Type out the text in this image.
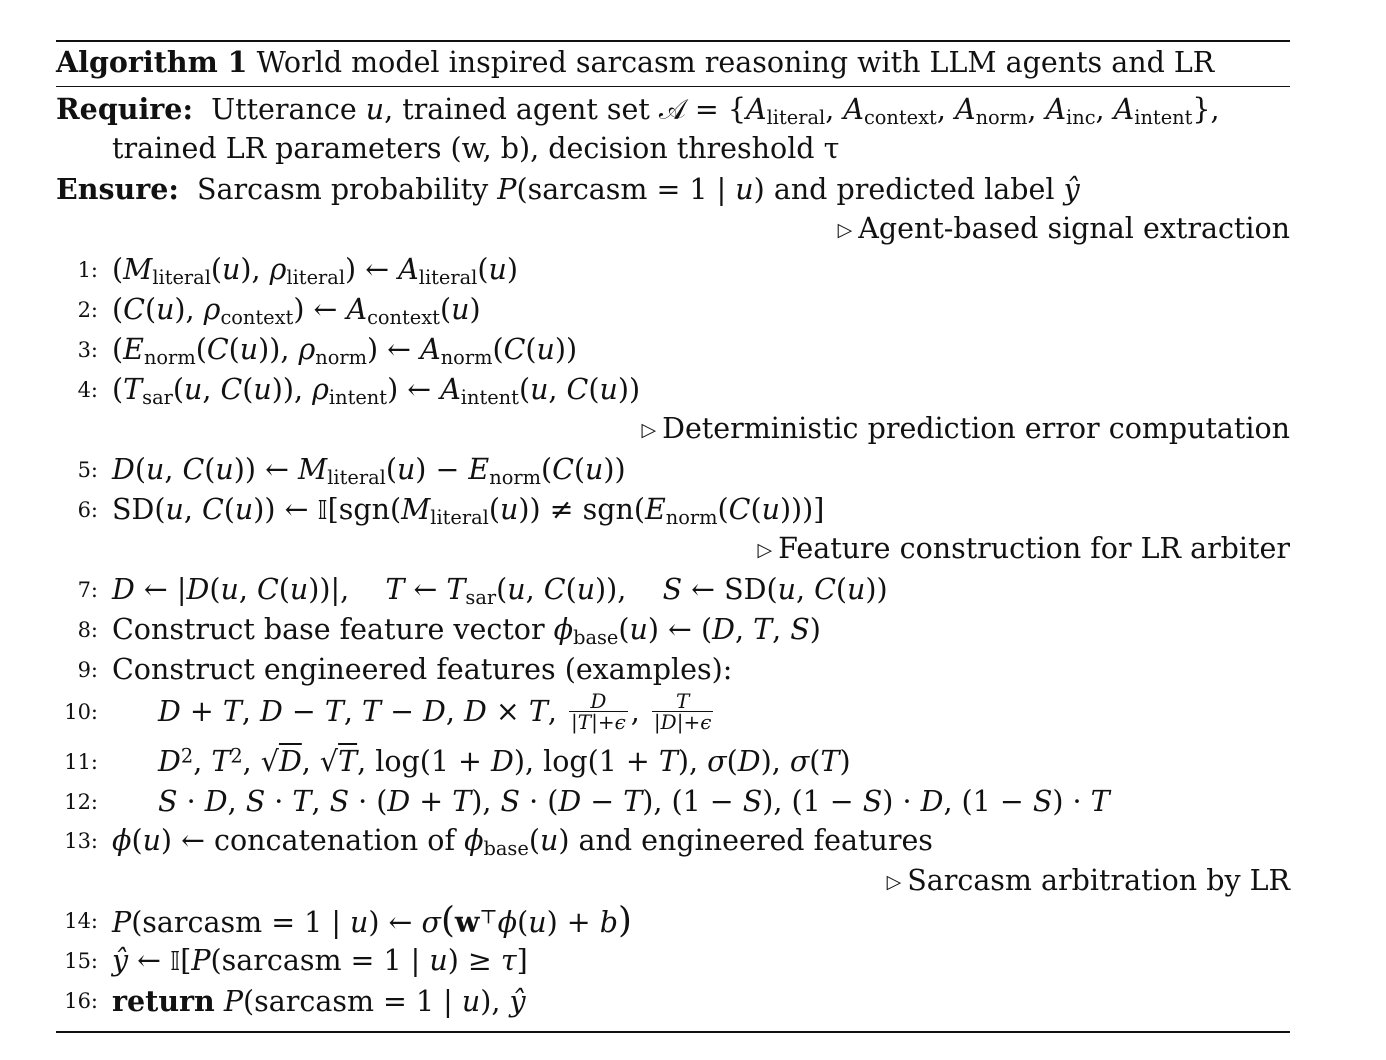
Algorithm 1 World model inspired sarcasm reasoning with LLM agents and LR
Require:  Utterance u, trained agent set 𝒜 = {$A_{literal}$, $A_{context}$, $A_{norm}$, $A_{inc}$, $A_{intent}$},
trained LR parameters (w, b), decision threshold τ
Ensure:  Sarcasm probability P(sarcasm = 1 | u) and predicted label ŷ
▷ Agent-based signal extraction
1: ($M_{literal}(u)$, $\rho_{literal}$) ← $A_{literal}(u)$
2: (C(u), $\rho_{context}$) ← $A_{context}(u)$
3: ($E_{norm}(C(u))$, $\rho_{norm}$) ← $A_{norm}(C(u))$
4: ($T_{sar}(u$, C(u)), $\rho_{intent}$) ← $A_{intent}(u$, C(u))
▷ Deterministic prediction error computation
5: D(u, C(u)) ← $M_{literal}(u) - E_{norm}(C(u))$
6: SD(u, C(u)) ← $𝕀[sgn(M_{literal}(u)) \ne sgn(E_{norm}(C(u)))]$
▷ Feature construction for LR arbiter
7: D ← |D(u, C(u))|,    T ← $T_{sar}(u$, C(u)),    S ← SD(u, C(u))
8: Construct base feature vector $\phi_{base}(u)$ ← (D, T, S)
9: Construct engineered features (examples):
10: D + T, D − T, T − D, D × T, $\frac{D}{|T|+\epsilon}$ , $\frac{T}{|D|+\epsilon}$
11: $D^2$, $T^2$, √D, √T, log(1 + D), log(1 + T), σ(D), σ(T)
12: S · D, S · T, S · (D + T), S · (D − T), (1 − S), (1 − S) · D, (1 − S) · T
13: ϕ(u) ← concatenation of $\phi_{base}(u)$ and engineered features
▷ Sarcasm arbitration by LR
14: P(sarcasm = 1 | u) ← σ(w⊤ϕ(u) + b)
15: ŷ ← 𝕀[P(sarcasm = 1 | u) ≥ τ]
16: return P(sarcasm = 1 | u), ŷ
